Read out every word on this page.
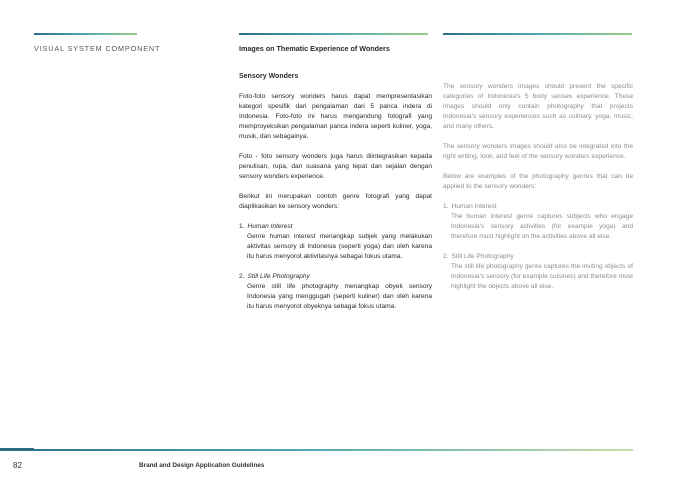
VISUAL SYSTEM COMPONENT	Images on Thematic Experience of Wonders

Sensory Wonders

Foto-foto sensory wonders harus dapat mempresentasikan kategori spesifik dari pengalaman dari 5 panca indera di Indonesia. Foto-foto ini harus mengandung fotografi yang memproyeksikan pengalaman panca indera seperti kuliner, yoga, musik, dan sebagainya.

Foto - foto sensory wonders juga harus diintegrasikan kepada penulisan, rupa, dan suasana yang tepat dan sejalan dengan sensory wonders experience.

Berikut ini merupakan contoh genre fotografi yang dapat diaplikasikan ke sensory wonders:

1. Human Interest
Genre human interest menangkap subjek yang melakukan aktivitas sensory di Indonesia (seperti yoga) dan oleh karena itu harus menyorot aktivitasnya sebagai fokus utama.
2. Still Life Photography
Genre still life photography menangkap obyek sensory Indonesia yang menggugah (seperti kuliner) dan oleh karena itu harus menyorot obyeknya sebagai fokus utama.

The sensory wonders images should present the specific categories of Indonesia's 5 body senses experience. These images should only contain photography that projects Indonesia's sensory experiences such as culinary, yoga, music, and many others.

The sensory wonders images should also be integrated into the right writing, look, and feel of the sensory wonders experience.

Below are examples of the photography genres that can be applied to the sensory wonders:

1. Human Interest
The human interest genre captures subjects who engage Indonesia's sensory activities (for example yoga) and therefore must highlight on the activities above all else.
2. Still Life Photography
The still life photography genre captures the inviting objects of Indonesia's sensory (for example cuisines) and therefore must highlight the objects above all else.
82	Brand and Design Application Guidelines
